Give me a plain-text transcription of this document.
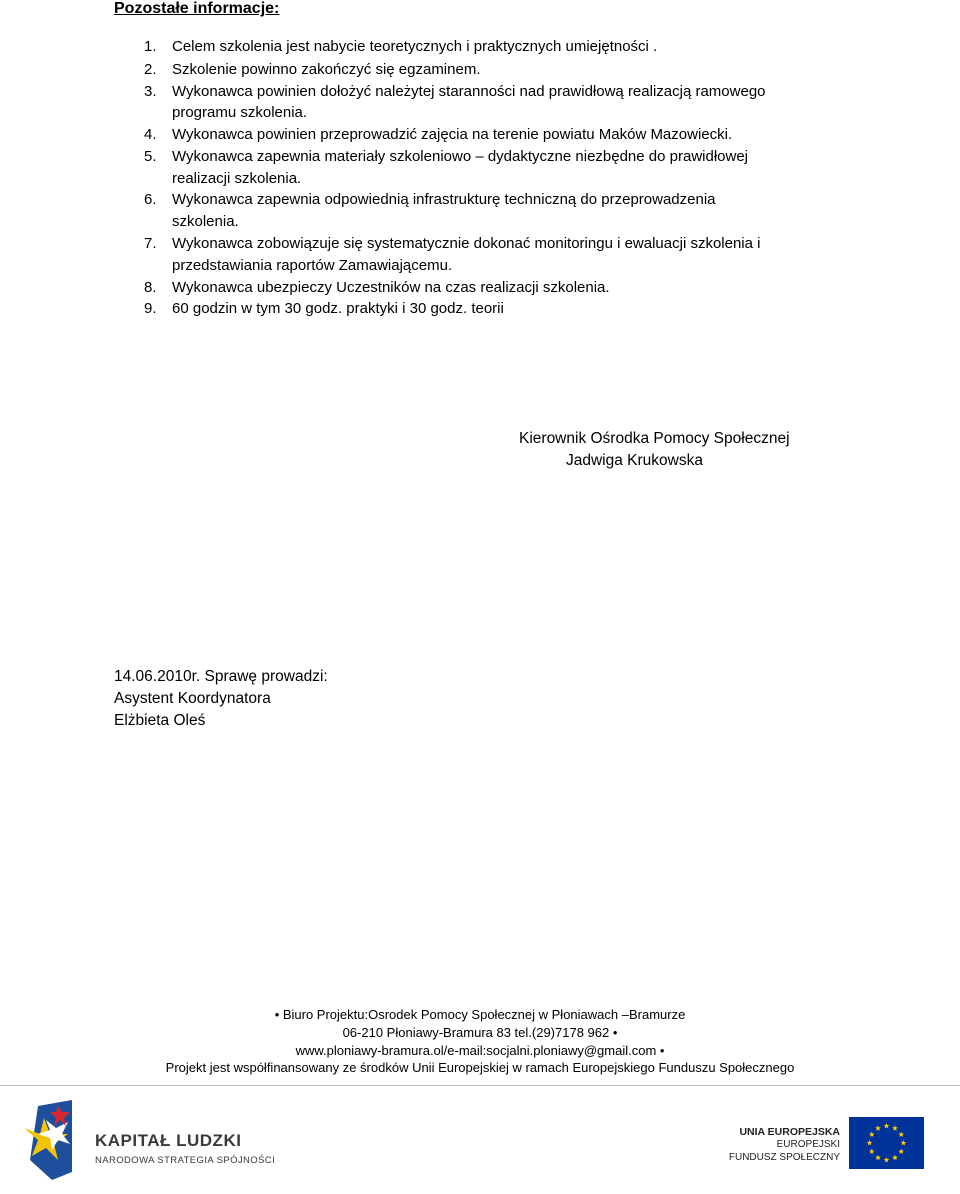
Pozostałe informacje:
1. Celem szkolenia jest nabycie teoretycznych i praktycznych umiejętności .
2. Szkolenie powinno zakończyć się egzaminem.
3. Wykonawca powinien dołożyć należytej staranności nad prawidłową realizacją ramowego
programu szkolenia.
4. Wykonawca powinien przeprowadzić zajęcia na terenie powiatu Maków Mazowiecki.
5. Wykonawca zapewnia materiały szkoleniowo – dydaktyczne niezbędne do prawidłowej
realizacji szkolenia.
6. Wykonawca zapewnia odpowiednią infrastrukturę techniczną do przeprowadzenia
szkolenia.
7. Wykonawca zobowiązuje się systematycznie dokonać monitoringu i ewaluacji szkolenia i
przedstawiania raportów Zamawiającemu.
8. Wykonawca ubezpieczy Uczestników na czas realizacji szkolenia.
9. 60 godzin w tym 30 godz. praktyki i 30 godz. teorii
Kierownik Ośrodka Pomocy Społecznej
Jadwiga Krukowska
14.06.2010r. Sprawę prowadzi:
Asystent Koordynatora
Elżbieta Oleś
• Biuro Projektu:Osrodek Pomocy Społecznej w Płoniawach –Bramurze
06-210 Płoniawy-Bramura 83 tel.(29)7178 962 •
www.ploniawy-bramura.ol/e-mail:socjalni.ploniawy@gmail.com •
Projekt jest współfinansowany ze środków Unii Europejskiej w ramach Europejskiego Funduszu Społecznego
KAPITAŁ LUDZKI
NARODOWA STRATEGIA SPÓJNOŚCI
UNIA EUROPEJSKA
EUROPEJSKI
FUNDUSZ SPOŁECZNY
